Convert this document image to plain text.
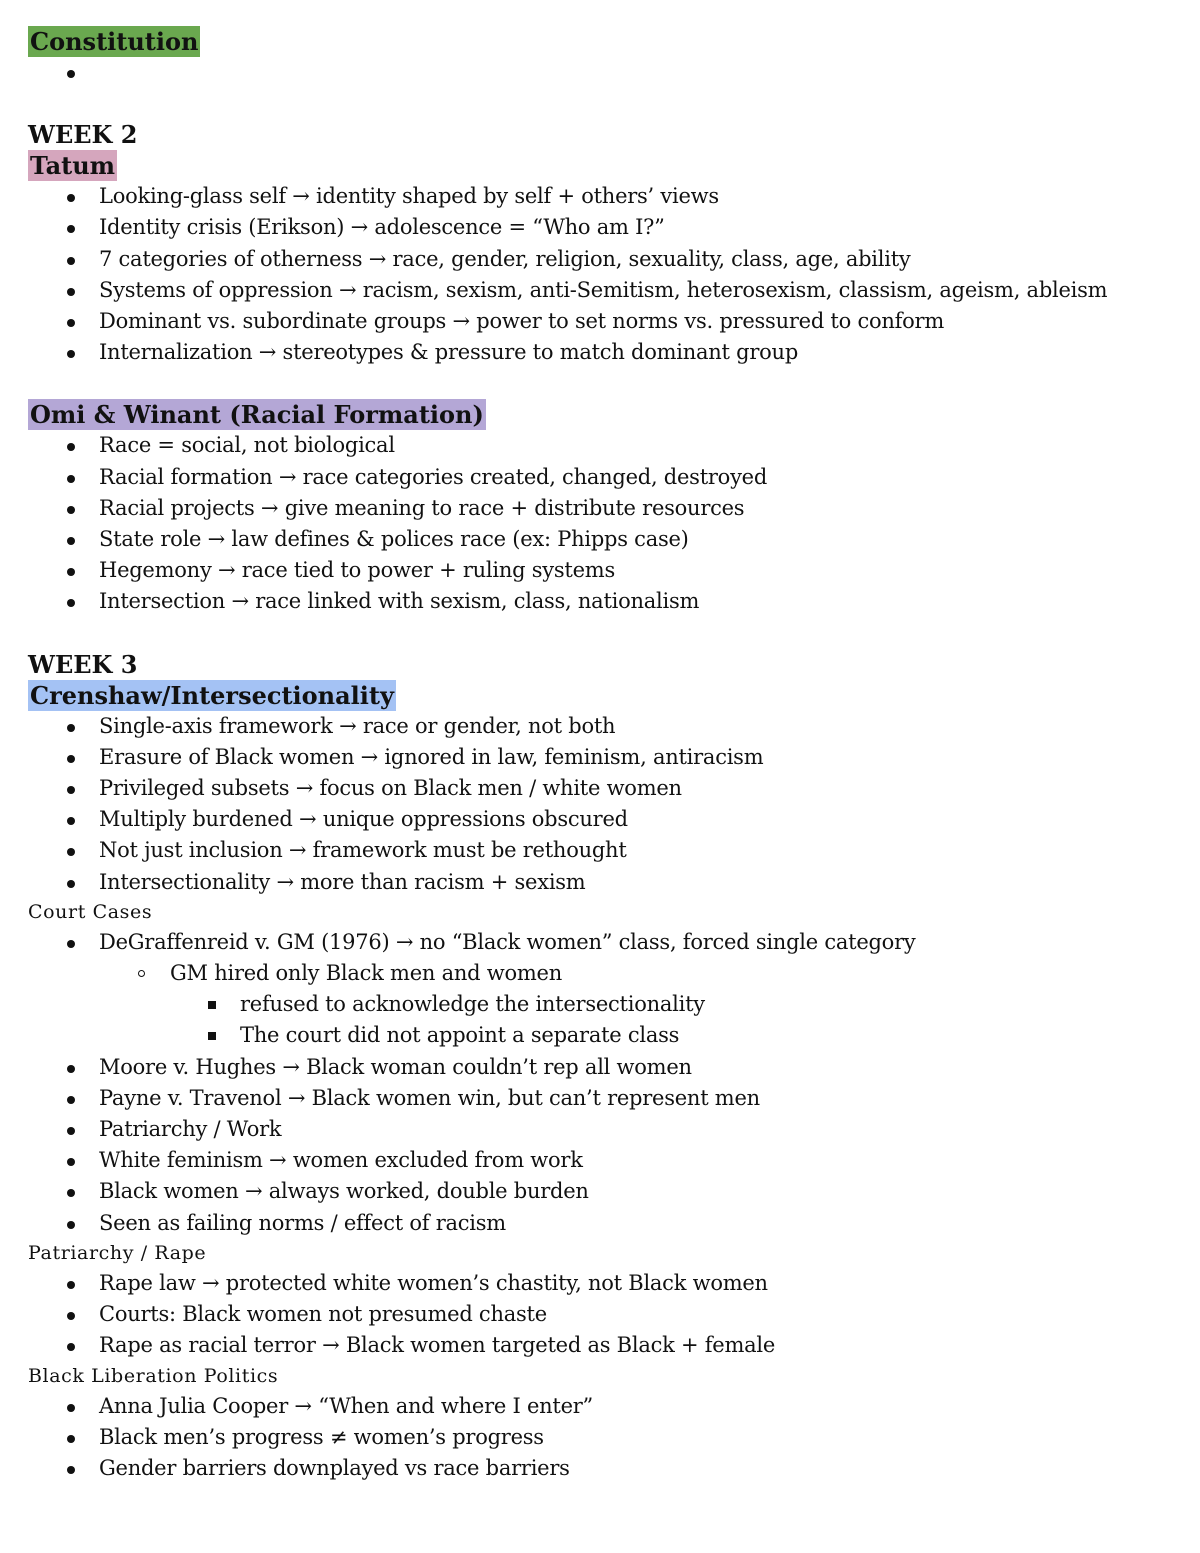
Constitution
WEEK 2
Tatum
Looking-glass self → identity shaped by self + others’ views
Identity crisis (Erikson) → adolescence = “Who am I?”
7 categories of otherness → race, gender, religion, sexuality, class, age, ability
Systems of oppression → racism, sexism, anti-Semitism, heterosexism, classism, ageism, ableism
Dominant vs. subordinate groups → power to set norms vs. pressured to conform
Internalization → stereotypes & pressure to match dominant group
Omi & Winant (Racial Formation)
Race = social, not biological
Racial formation → race categories created, changed, destroyed
Racial projects → give meaning to race + distribute resources
State role → law defines & polices race (ex: Phipps case)
Hegemony → race tied to power + ruling systems
Intersection → race linked with sexism, class, nationalism
WEEK 3
Crenshaw/Intersectionality
Single-axis framework → race or gender, not both
Erasure of Black women → ignored in law, feminism, antiracism
Privileged subsets → focus on Black men / white women
Multiply burdened → unique oppressions obscured
Not just inclusion → framework must be rethought
Intersectionality → more than racism + sexism
Court Cases
DeGraffenreid v. GM (1976) → no “Black women” class, forced single category
GM hired only Black men and women
refused to acknowledge the intersectionality
The court did not appoint a separate class
Moore v. Hughes → Black woman couldn’t rep all women
Payne v. Travenol → Black women win, but can’t represent men
Patriarchy / Work
White feminism → women excluded from work
Black women → always worked, double burden
Seen as failing norms / effect of racism
Patriarchy / Rape
Rape law → protected white women’s chastity, not Black women
Courts: Black women not presumed chaste
Rape as racial terror → Black women targeted as Black + female
Black Liberation Politics
Anna Julia Cooper → “When and where I enter”
Black men’s progress ≠ women’s progress
Gender barriers downplayed vs race barriers
